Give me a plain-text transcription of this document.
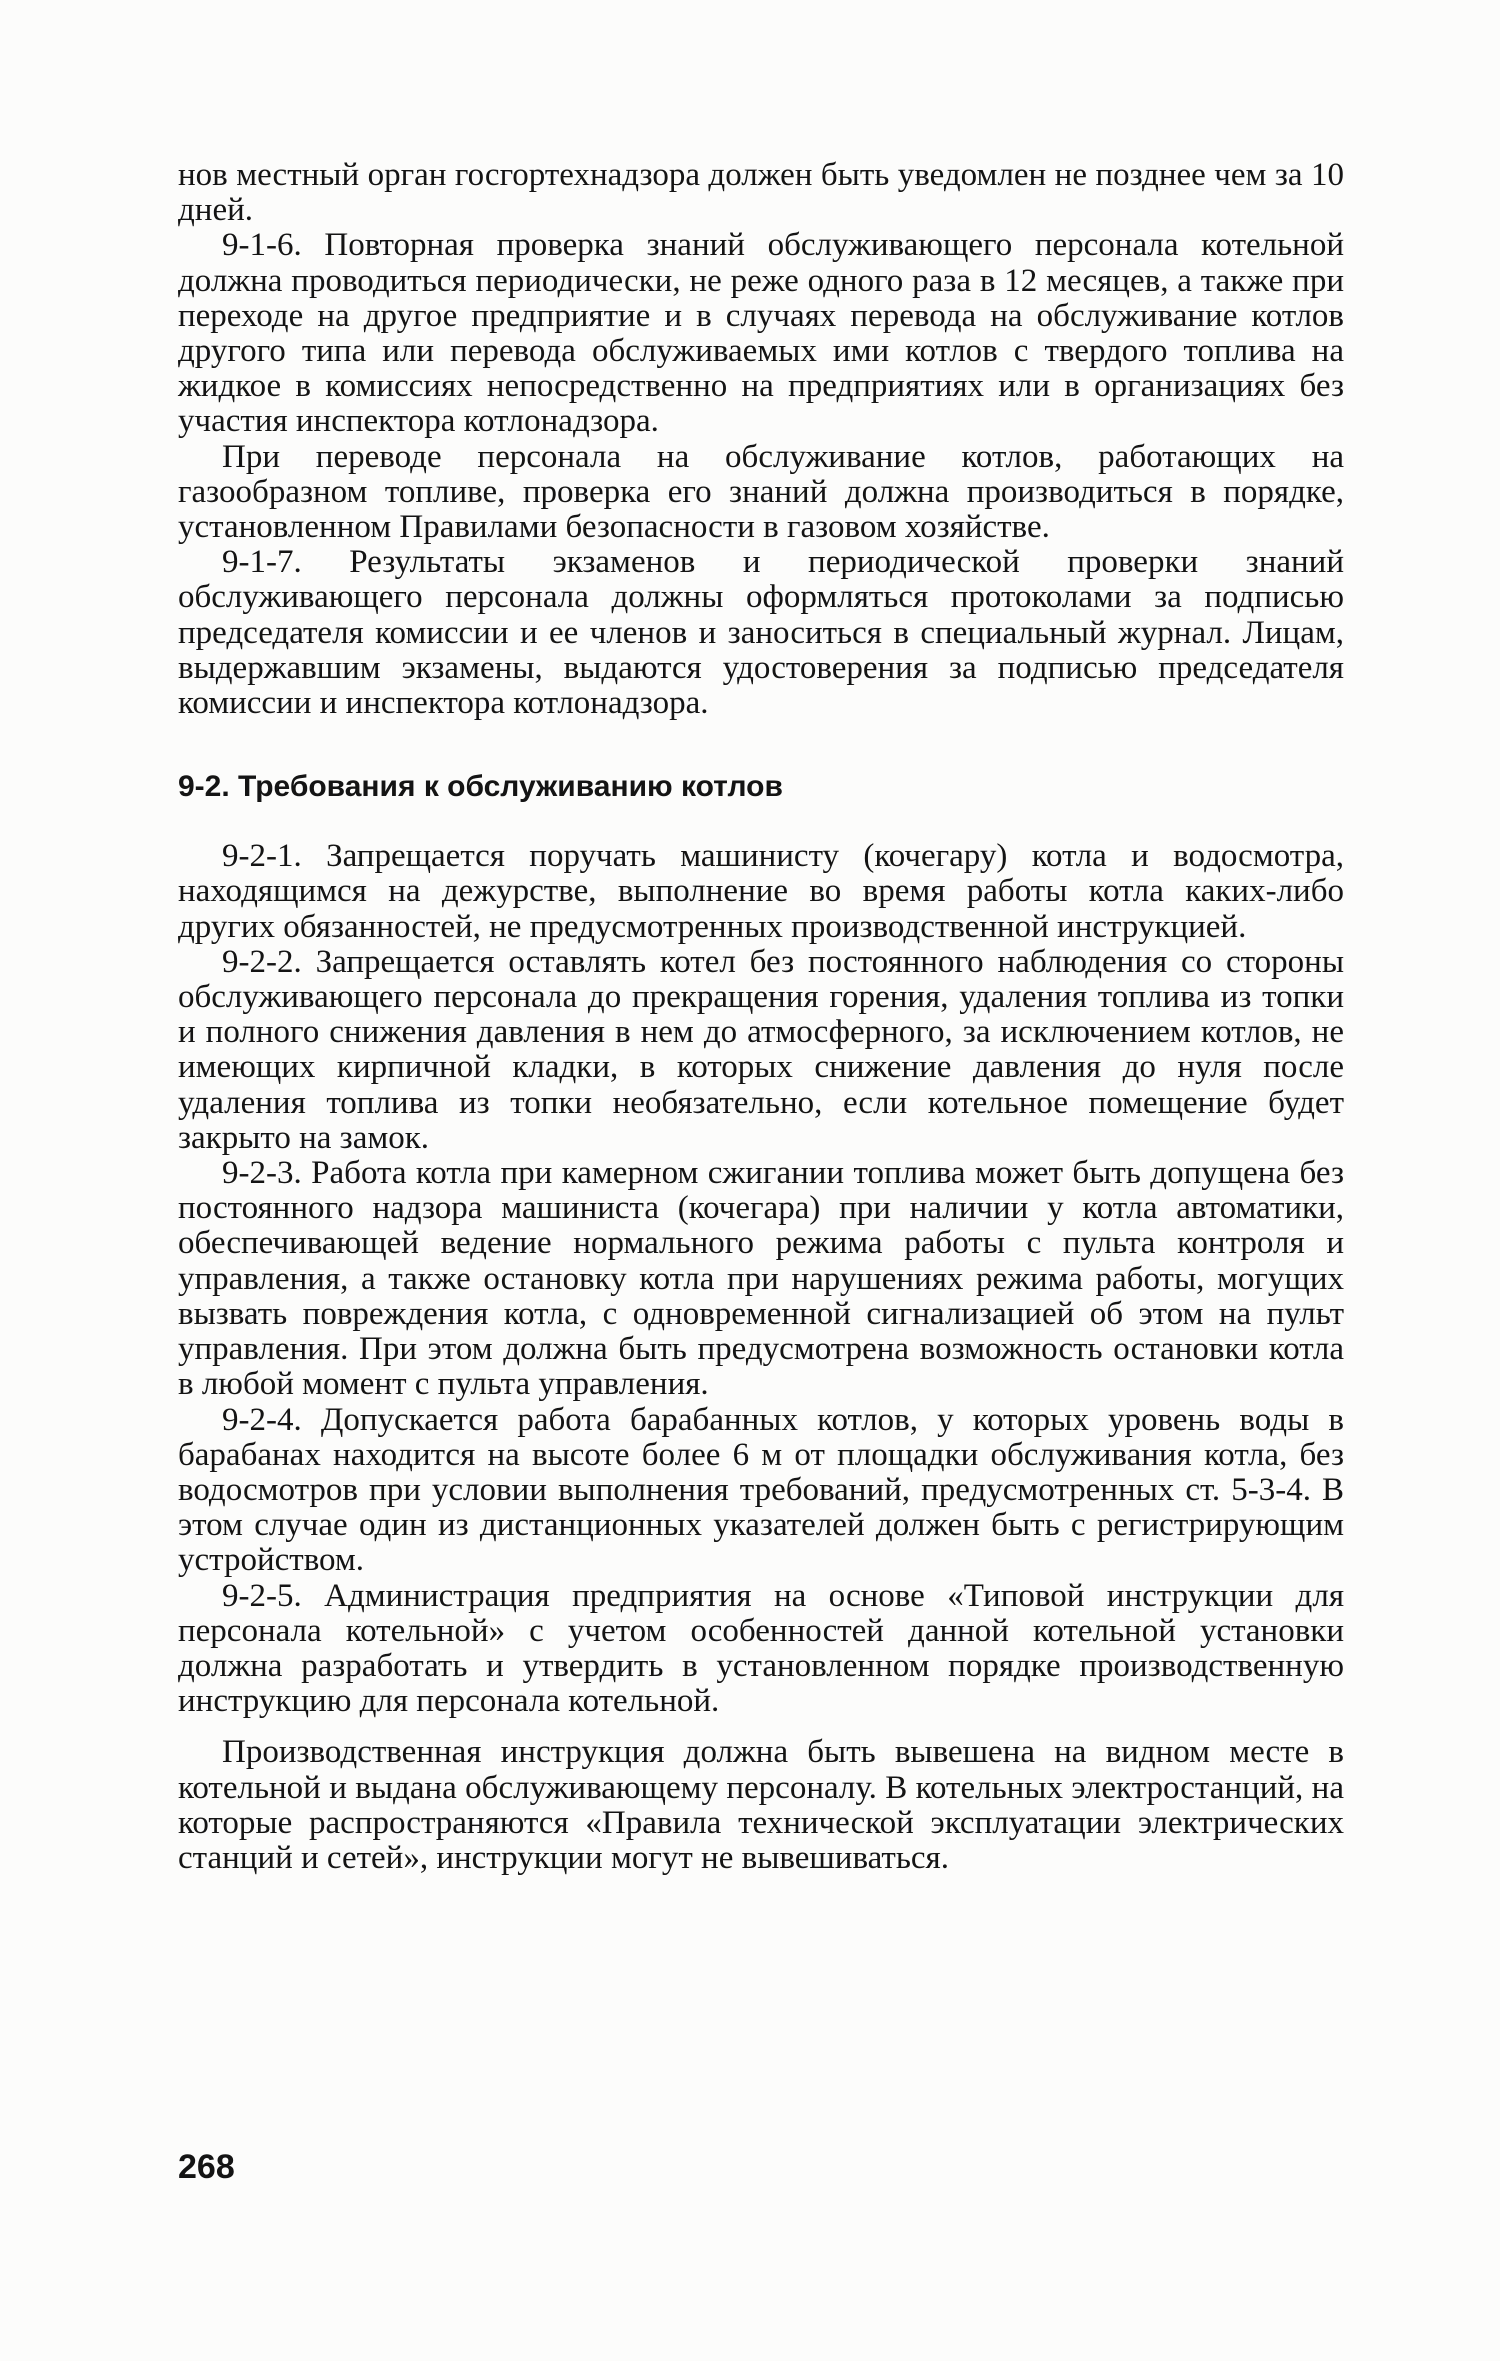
нов местный орган госгортехнадзора должен быть уведомлен не позднее чем за 10 дней.

9-1-6. Повторная проверка знаний обслуживающего персонала котельной должна проводиться периодически, не реже одного раза в 12 месяцев, а также при переходе на другое предприятие и в случаях перевода на обслуживание котлов другого типа или перевода обслуживаемых ими котлов с твердого топлива на жидкое в комиссиях непосредственно на предприятиях или в организациях без участия инспектора котлонадзора.

При переводе персонала на обслуживание котлов, работающих на газообразном топливе, проверка его знаний должна производиться в порядке, установленном Правилами безопасности в газовом хозяйстве.

9-1-7. Результаты экзаменов и периодической проверки знаний обслуживающего персонала должны оформляться протоколами за подписью председателя комиссии и ее членов и заноситься в специальный журнал. Лицам, выдержавшим экзамены, выдаются удостоверения за подписью председателя комиссии и инспектора котлонадзора.

9-2. Требования к обслуживанию котлов

9-2-1. Запрещается поручать машинисту (кочегару) котла и водосмотра, находящимся на дежурстве, выполнение во время работы котла каких-либо других обязанностей, не предусмотренных производственной инструкцией.

9-2-2. Запрещается оставлять котел без постоянного наблюдения со стороны обслуживающего персонала до прекращения горения, удаления топлива из топки и полного снижения давления в нем до атмосферного, за исключением котлов, не имеющих кирпичной кладки, в которых снижение давления до нуля после удаления топлива из топки необязательно, если котельное помещение будет закрыто на замок.

9-2-3. Работа котла при камерном сжигании топлива может быть допущена без постоянного надзора машиниста (кочегара) при наличии у котла автоматики, обеспечивающей ведение нормального режима работы с пульта контроля и управления, а также остановку котла при нарушениях режима работы, могущих вызвать повреждения котла, с одновременной сигнализацией об этом на пульт управления. При этом должна быть предусмотрена возможность остановки котла в любой момент с пульта управления.

9-2-4. Допускается работа барабанных котлов, у которых уровень воды в барабанах находится на высоте более 6 м от площадки обслуживания котла, без водосмотров при условии выполнения требований, предусмотренных ст. 5-3-4. В этом случае один из дистанционных указателей должен быть с регистрирующим устройством.

9-2-5. Администрация предприятия на основе «Типовой инструкции для персонала котельной» с учетом особенностей данной котельной установки должна разработать и утвердить в установленном порядке производственную инструкцию для персонала котельной.

Производственная инструкция должна быть вывешена на видном месте в котельной и выдана обслуживающему персоналу. В котельных электростанций, на которые распространяются «Правила технической эксплуатации электрических станций и сетей», инструкции могут не вывешиваться.

268
